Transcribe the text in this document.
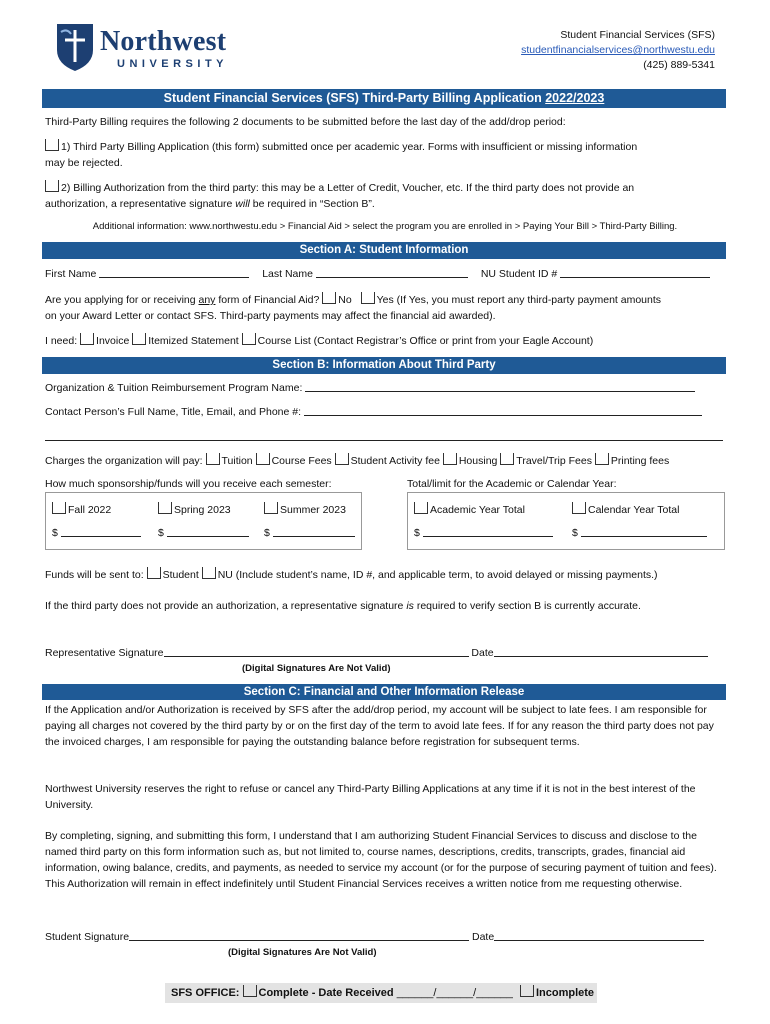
Northwest
UNIVERSITY
Student Financial Services (SFS)
studentfinancialservices@northwestu.edu
(425) 889-5341
Student Financial Services (SFS) Third-Party Billing Application 2022/2023
Third-Party Billing requires the following 2 documents to be submitted before the last day of the add/drop period:
1) Third Party Billing Application (this form) submitted once per academic year. Forms with insufficient or missing information
may be rejected.
2) Billing Authorization from the third party: this may be a Letter of Credit, Voucher, etc. If the third party does not provide an
authorization, a representative signature will be required in “Section B”.
Additional information: www.northwestu.edu > Financial Aid > select the program you are enrolled in > Paying Your Bill > Third-Party Billing.
Section A: Student Information
First Name	Last Name	NU Student ID #
Are you applying for or receiving any form of Financial Aid? No Yes (If Yes, you must report any third-party payment amounts
on your Award Letter or contact SFS. Third-party payments may affect the financial aid awarded).
I need: Invoice Itemized Statement Course List (Contact Registrar’s Office or print from your Eagle Account)
Section B: Information About Third Party
Organization & Tuition Reimbursement Program Name:
Contact Person’s Full Name, Title, Email, and Phone #:
Charges the organization will pay: Tuition Course Fees Student Activity fee Housing Travel/Trip Fees Printing fees
How much sponsorship/funds will you receive each semester:	Total/limit for the Academic or Calendar Year:
Fall 2022	Spring 2023	Summer 2023	Academic Year Total	Calendar Year Total
$	$	$	$	$
Funds will be sent to: Student NU (Include student’s name, ID #, and applicable term, to avoid delayed or missing payments.)
If the third party does not provide an authorization, a representative signature is required to verify section B is currently accurate.
Representative Signature	Date
(Digital Signatures Are Not Valid)
Section C: Financial and Other Information Release
If the Application and/or Authorization is received by SFS after the add/drop period, my account will be subject to late fees. I am responsible for paying all charges not covered by the third party by or on the first day of the term to avoid late fees. If for any reason the third party does not pay the invoiced charges, I am responsible for paying the outstanding balance before registration for subsequent terms.
Northwest University reserves the right to refuse or cancel any Third-Party Billing Applications at any time if it is not in the best interest of the University.
By completing, signing, and submitting this form, I understand that I am authorizing Student Financial Services to discuss and disclose to the named third party on this form information such as, but not limited to, course names, descriptions, credits, transcripts, grades, financial aid information, owing balance, credits, and payments, as needed to service my account (or for the purpose of securing payment of tuition and fees). This Authorization will remain in effect indefinitely until Student Financial Services receives a written notice from me requesting otherwise.
Student Signature	Date
(Digital Signatures Are Not Valid)
SFS OFFICE: Complete - Date Received ______/______/______ Incomplete
